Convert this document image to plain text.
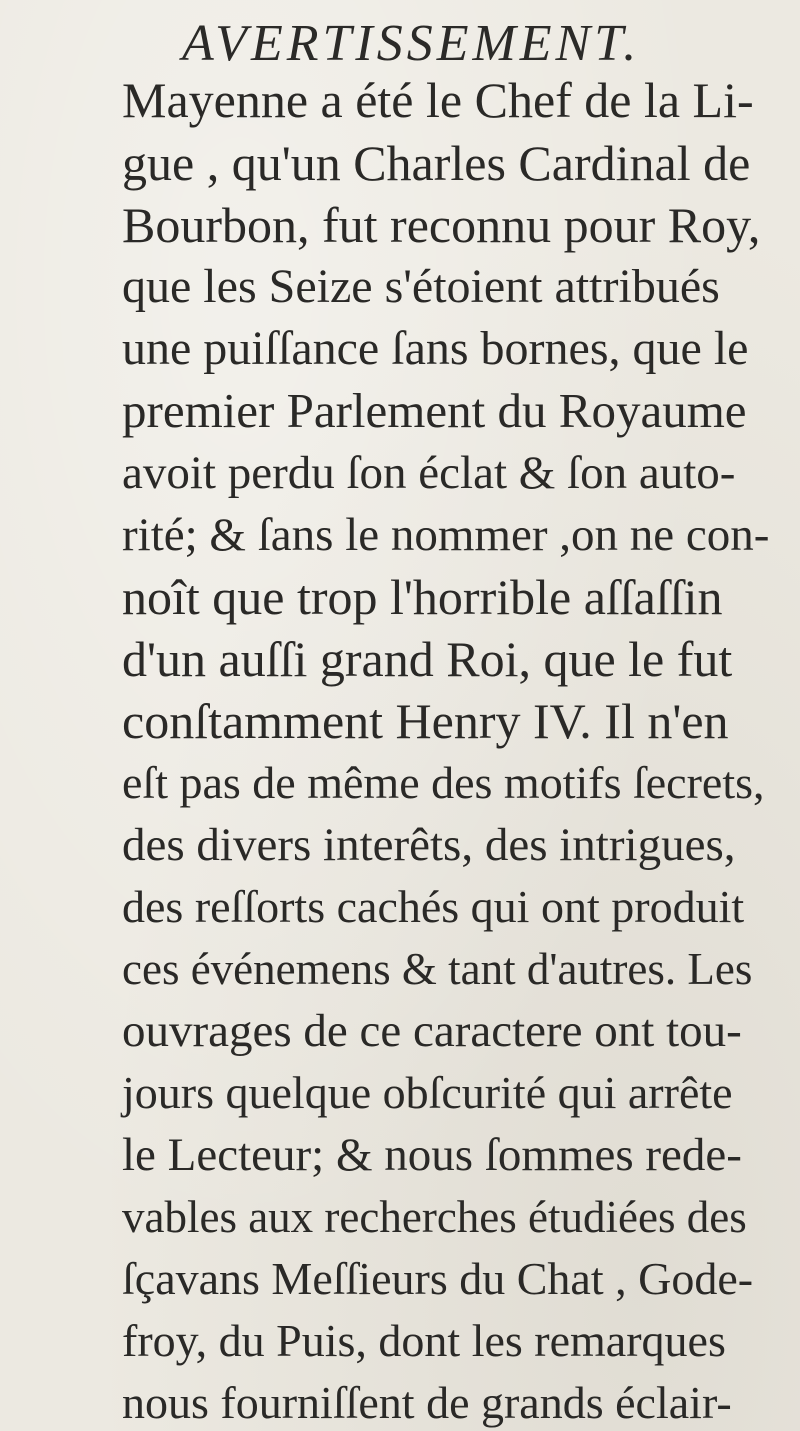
AVERTISSEMENT.

Mayenne a été le Chef de la Li-

gue , qu'un Charles Cardinal de

Bourbon, fut reconnu pour Roy,

que les Seize s'étoient attribués

une puiſſance ſans bornes, que le

premier Parlement du Royaume

avoit perdu ſon éclat & ſon auto-

rité; & ſans le nommer ,on ne con-

noît que trop l'horrible aſſaſſin

d'un auſſi grand Roi, que le fut

conſtamment Henry IV. Il n'en

eſt pas de même des motifs ſecrets,

des divers interêts, des intrigues,

des reſſorts cachés qui ont produit

ces événemens & tant d'autres. Les

ouvrages de ce caractere ont tou-

jours quelque obſcurité qui arrête

le Lecteur; & nous ſommes rede-

vables aux recherches étudiées des

ſçavans Meſſieurs du Chat , Gode-

froy, du Puis, dont les remarques

nous fourniſſent de grands éclair-
